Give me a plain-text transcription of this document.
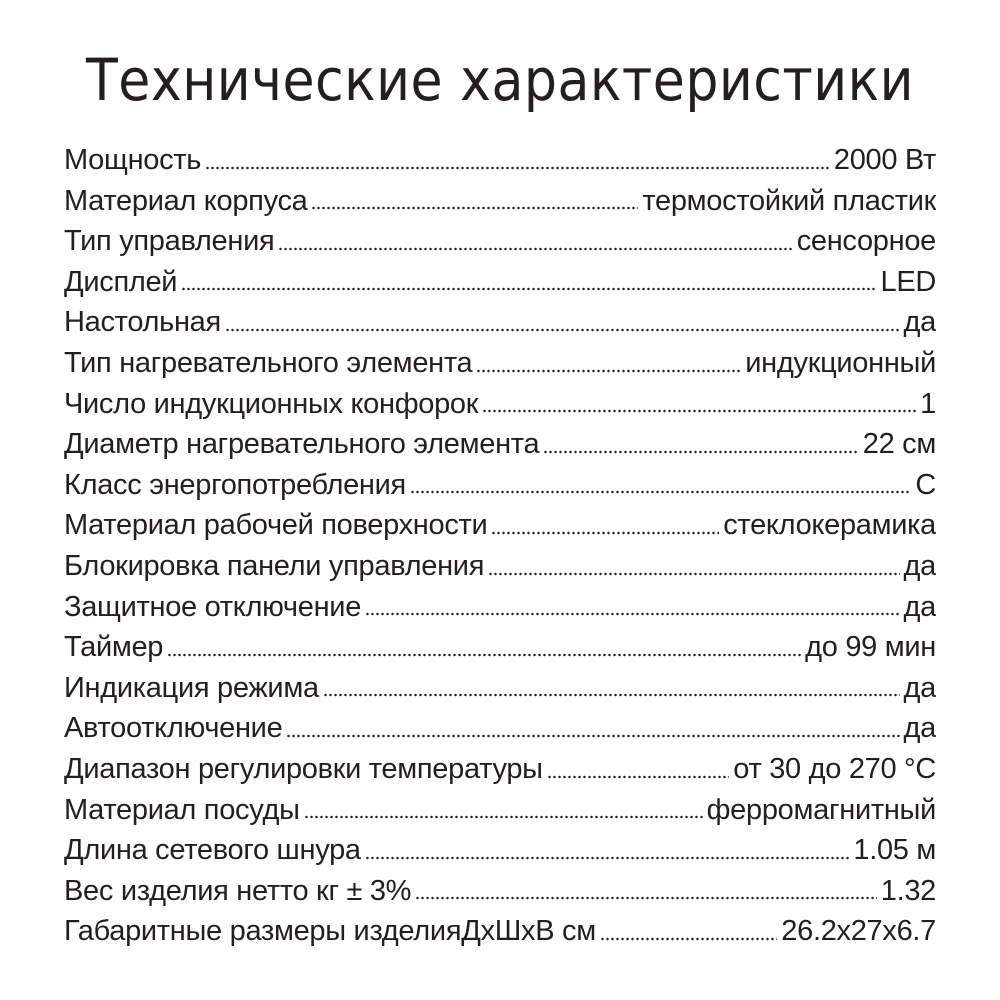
Технические характеристики
Мощность	2000 Вт
Материал корпуса	термостойкий пластик
Тип управления	сенсорное
Дисплей	LED
Настольная	да
Тип нагревательного элемента	индукционный
Число индукционных конфорок	1
Диаметр нагревательного элемента	22 см
Класс энергопотребления	С
Материал рабочей поверхности	стеклокерамика
Блокировка панели управления	да
Защитное отключение	да
Таймер	до 99 мин
Индикация режима	да
Автоотключение	да
Диапазон регулировки температуры	от 30 до 270 °С
Материал посуды	ферромагнитный
Длина сетевого шнура	1.05 м
Вес изделия нетто кг ± 3%	1.32
Габаритные размеры изделияДхШхВ см	26.2x27x6.7
